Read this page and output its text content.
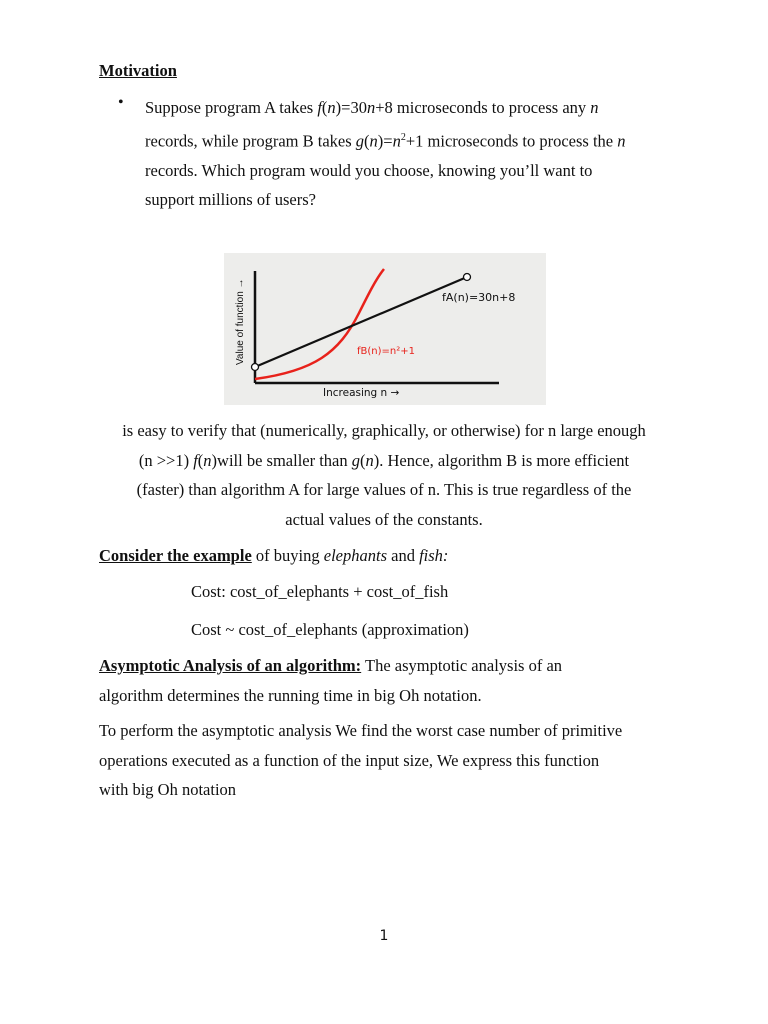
Motivation
• Suppose program A takes f(n)=30n+8 microseconds to process any n
records, while program B takes $g(n)=n^2+1$ microseconds to process the n
records. Which program would you choose, knowing you’ll want to
support millions of users?
fA(n)=30n+8
fB(n)=n²+1
Increasing n →
Value of function →
is easy to verify that (numerically, graphically, or otherwise) for n large enough
(n >>1) f(n)will be smaller than g(n). Hence, algorithm B is more efficient
(faster) than algorithm A for large values of n. This is true regardless of the
actual values of the constants.
Consider the example of buying elephants and fish:
Cost: cost_of_elephants + cost_of_fish
Cost ~ cost_of_elephants (approximation)
Asymptotic Analysis of an algorithm: The asymptotic analysis of an
algorithm determines the running time in big Oh notation.
To perform the asymptotic analysis We find the worst case number of primitive
operations executed as a function of the input size, We express this function
with big Oh notation
1
